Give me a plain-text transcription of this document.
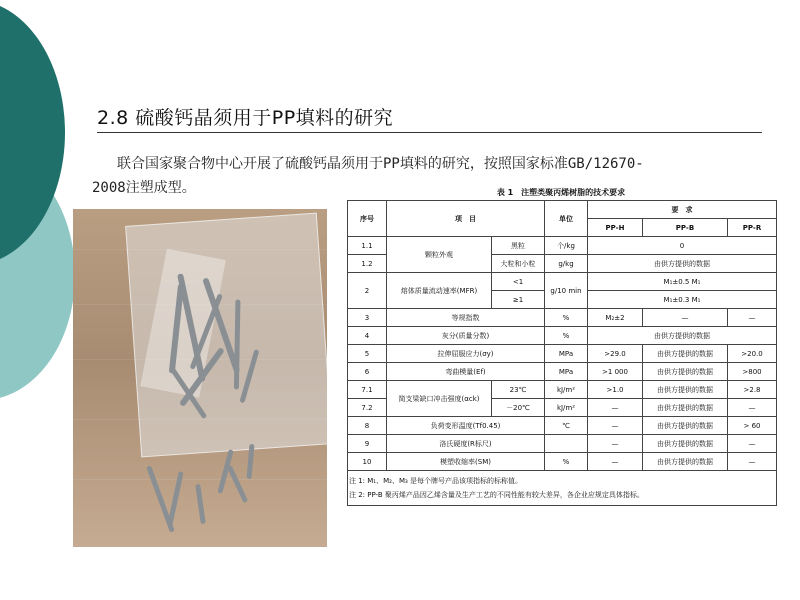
2.8 硫酸钙晶须用于PP填料的研究
联合国家聚合物中心开展了硫酸钙晶须用于PP填料的研究，按照国家标准GB/12670-
2008注塑成型。	表 1　注塑类聚丙烯树脂的技术要求
序号	项　目		单位	要　求		
				PP-H	PP-B	PP-R
1.1	颗粒外观	黑粒	个/kg	0		
1.2		大粒和小粒	g/kg	由供方提供的数据		
2	熔体质量流动速率(MFR)	<1	g/10 min	M₁±0.5 M₁		
		≥1		M₁±0.3 M₁		
3	等规指数		%	M₂±2	—	—
4	灰分(质量分数)		%	由供方提供的数据		
5	拉伸屈服应力(σy)		MPa	>29.0	由供方提供的数据	>20.0
6	弯曲模量(Ef)		MPa	>1 000	由供方提供的数据	>800
7.1	简支梁缺口冲击强度(αck)	23℃	kJ/m²	>1.0	由供方提供的数据	>2.8
7.2		－20℃	kJ/m²	—	由供方提供的数据	—
8	负荷变形温度(Tf0.45)		℃	—	由供方提供的数据	> 60
9	洛氏硬度(R标尺)			—	由供方提供的数据	—
10	模塑收缩率(SM)		%	—	由供方提供的数据	—

注 1: M₁、M₂、M₃ 是每个牌号产品该项指标的标称值。
注 2: PP-B 聚丙烯产品因乙烯含量及生产工艺的不同性能有较大差异，各企业应规定具体指标。						
